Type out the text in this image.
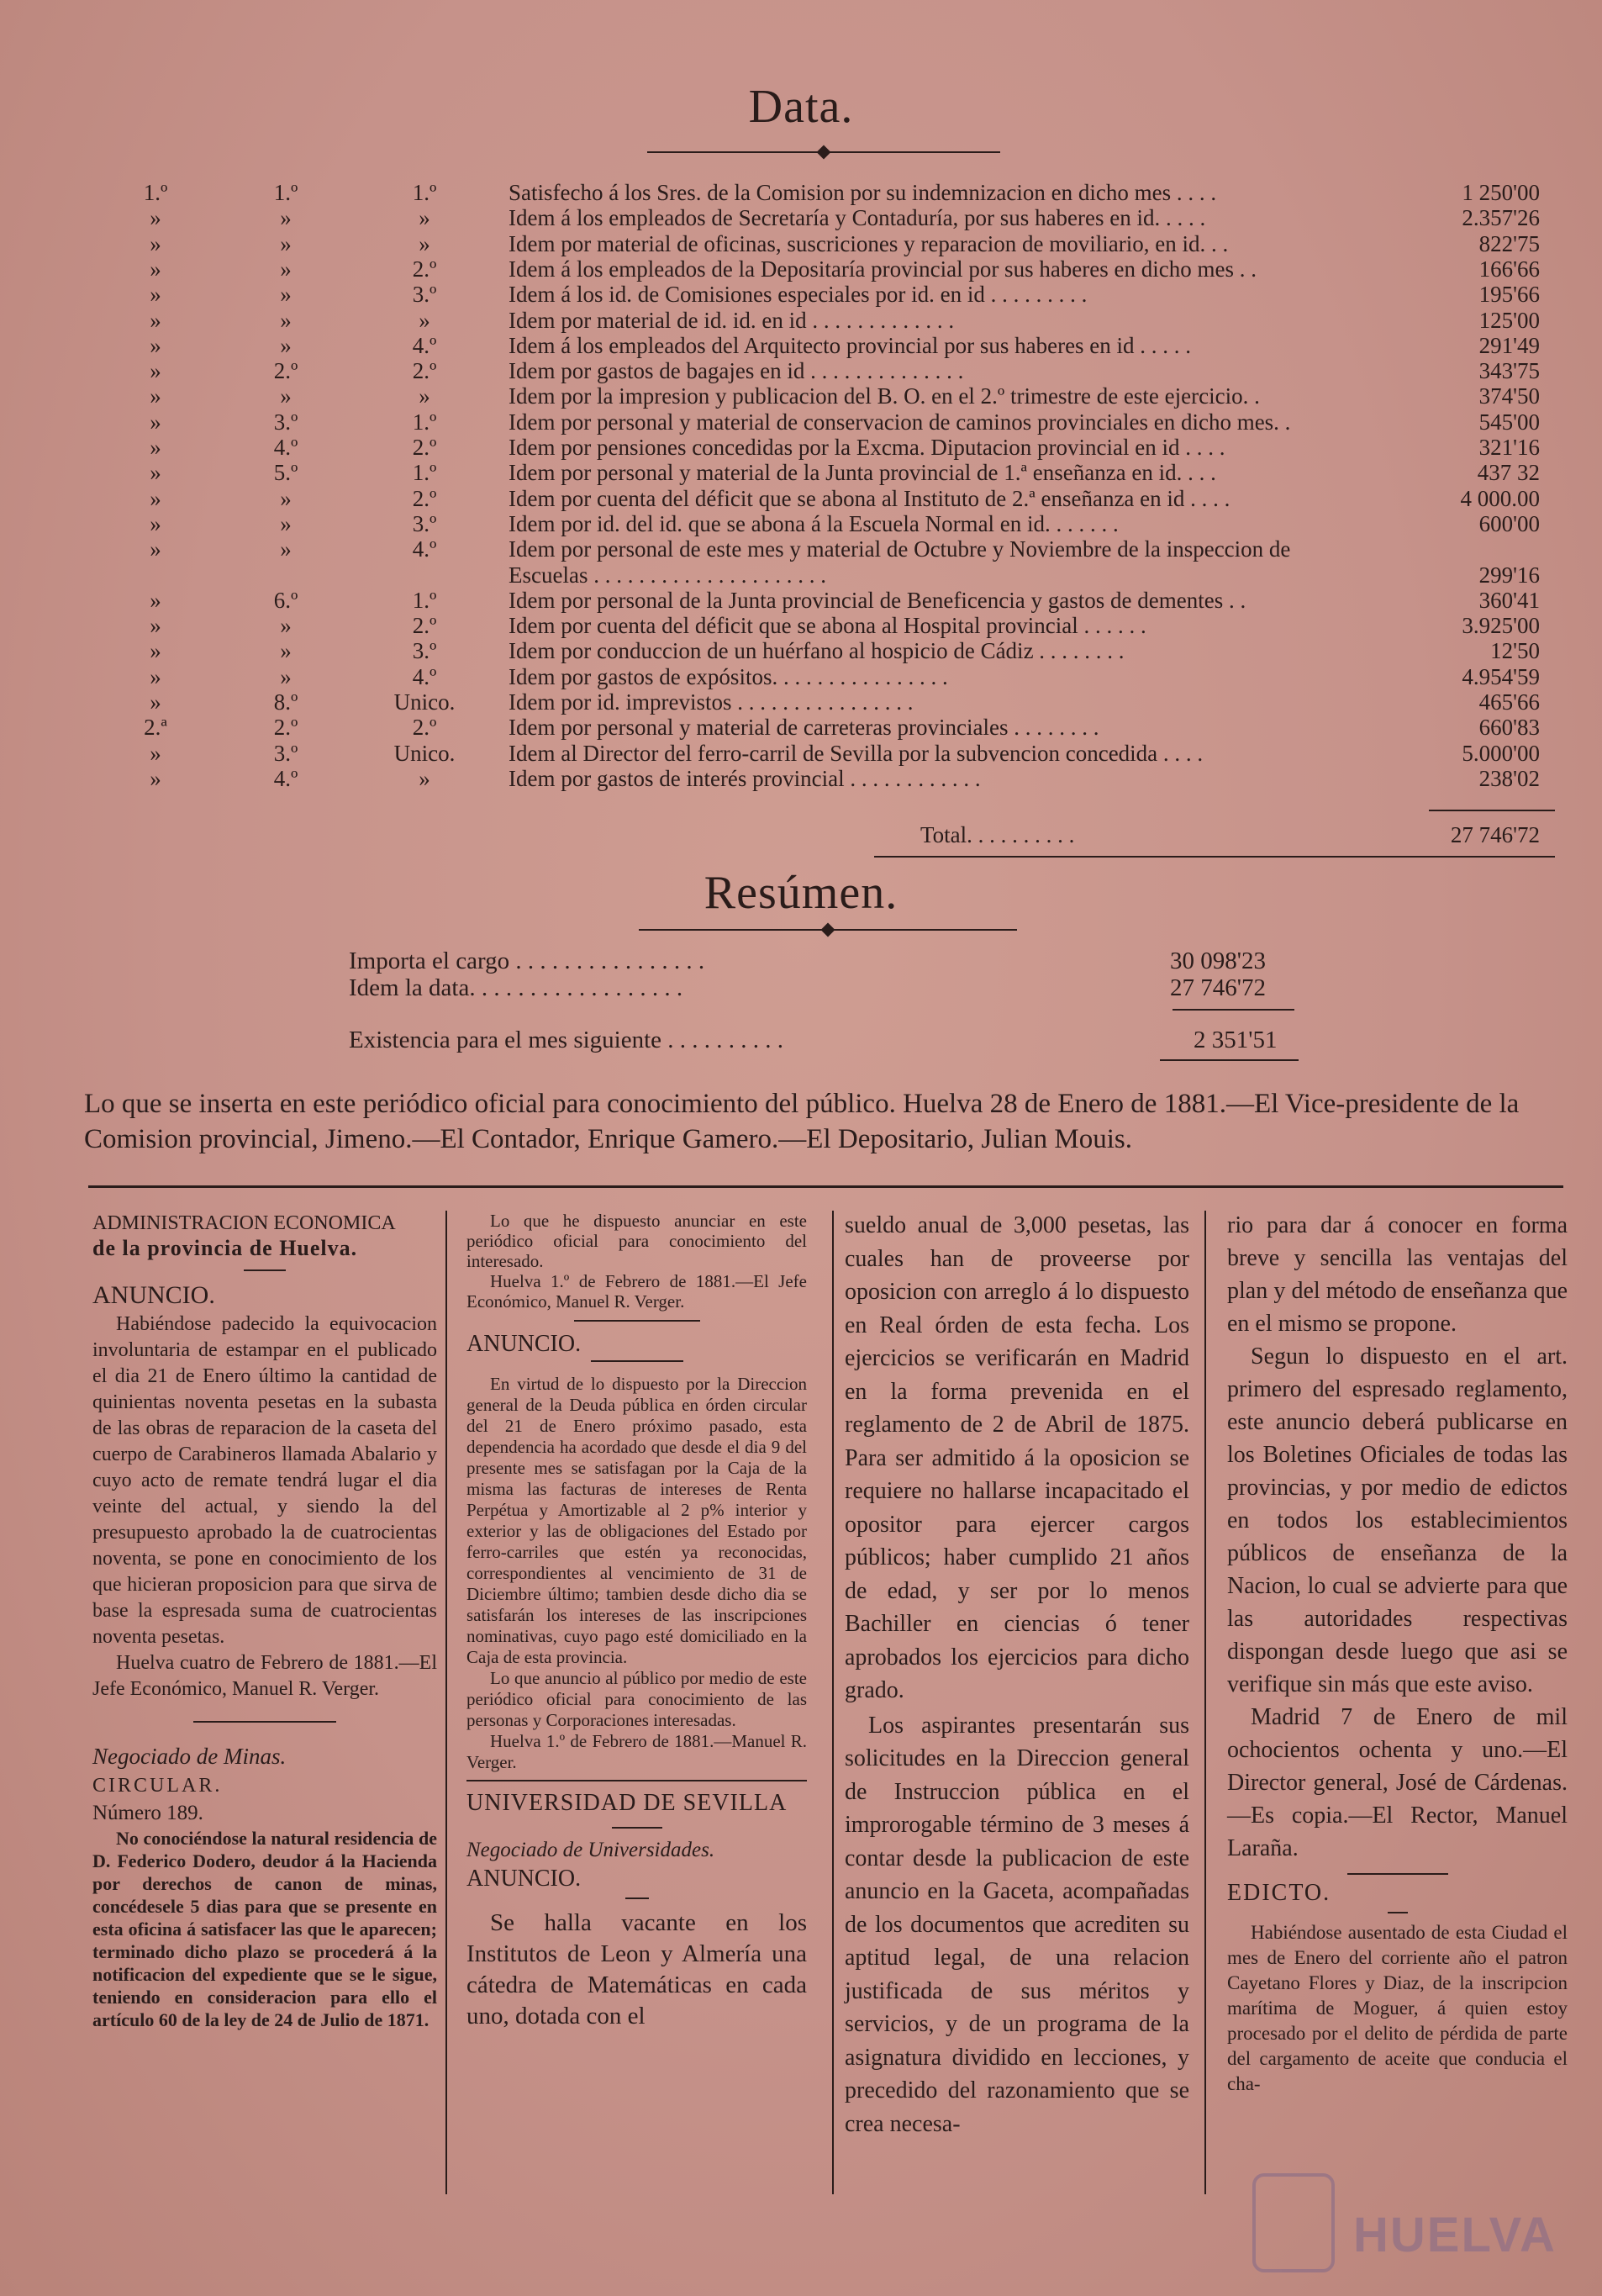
Data.
1.º	1.º	1.º	Satisfecho á los Sres. de la Comision por su indemnizacion en dicho mes . . . .	1 250'00
»	»	»	Idem á los empleados de Secretaría y Contaduría, por sus haberes en id. . . . .	2.357'26
»	»	»	Idem por material de oficinas, suscriciones y reparacion de moviliario, en id. . .	822'75
»	»	2.º	Idem á los empleados de la Depositaría provincial por sus haberes en dicho mes . .	166'66
»	»	3.º	Idem á los id. de Comisiones especiales por id. en id . . . . . . . . .	195'66
»	»	»	Idem por material de id. id. en id . . . . . . . . . . . . .	125'00
»	»	4.º	Idem á los empleados del Arquitecto provincial por sus haberes en id . . . . .	291'49
»	2.º	2.º	Idem por gastos de bagajes en id . . . . . . . . . . . . . .	343'75
»	»	»	Idem por la impresion y publicacion del B. O. en el 2.º trimestre de este ejercicio. .	374'50
»	3.º	1.º	Idem por personal y material de conservacion de caminos provinciales en dicho mes. .	545'00
»	4.º	2.º	Idem por pensiones concedidas por la Excma. Diputacion provincial en id . . . .	321'16
»	5.º	1.º	Idem por personal y material de la Junta provincial de 1.ª enseñanza en id. . . .	437 32
»	»	2.º	Idem por cuenta del déficit que se abona al Instituto de 2.ª enseñanza en id . . . .	4 000.00
»	»	3.º	Idem por id. del id. que se abona á la Escuela Normal en id. . . . . . .	600'00
»	»	4.º	Idem por personal de este mes y material de Octubre y Noviembre de la inspeccion de
Escuelas . . . . . . . . . . . . . . . . . . . . .	299'16
»	6.º	1.º	Idem por personal de la Junta provincial de Beneficencia y gastos de dementes . .	360'41
»	»	2.º	Idem por cuenta del déficit que se abona al Hospital provincial . . . . . .	3.925'00
»	»	3.º	Idem por conduccion de un huérfano al hospicio de Cádiz . . . . . . . .	12'50
»	»	4.º	Idem por gastos de expósitos. . . . . . . . . . . . . . . .	4.954'59
»	8.º	Unico.	Idem por id. imprevistos . . . . . . . . . . . . . . . .	465'66
2.ª	2.º	2.º	Idem por personal y material de carreteras provinciales . . . . . . . .	660'83
»	3.º	Unico.	Idem al Director del ferro-carril de Sevilla por la subvencion concedida . . . .	5.000'00
»	4.º	»	Idem por gastos de interés provincial . . . . . . . . . . . .	238'02
Total. . . . . . . . . .	27 746'72
Resúmen.
Importa el cargo . . . . . . . . . . . . . . . .	30 098'23
Idem la data. . . . . . . . . . . . . . . . . .	27 746'72
Existencia para el mes siguiente . . . . . . . . . .	2 351'51
Lo que se inserta en este periódico oficial para conocimiento del público. Huelva 28 de Enero de 1881.—El Vice-presidente de la Comision provincial, Jimeno.—El Contador, Enrique Gamero.—El Depositario, Julian Mouis.

ADMINISTRACION ECONOMICA

de la provincia de Huelva.

ANUNCIO.

Habiéndose padecido la equivocacion involuntaria de estampar en el publicado el dia 21 de Enero último la cantidad de quinientas noventa pesetas en la subasta de las obras de reparacion de la caseta del cuerpo de Carabineros llamada Abalario y cuyo acto de remate tendrá lugar el dia veinte del actual, y siendo la del presupuesto aprobado la de cuatrocientas noventa, se pone en conocimiento de los que hicieran proposicion para que sirva de base la espresada suma de cuatrocientas noventa pesetas.

Huelva cuatro de Febrero de 1881.—El Jefe Económico, Manuel R. Verger.

Negociado de Minas.

CIRCULAR.

Número 189.

No conociéndose la natural residencia de D. Federico Dodero, deudor á la Hacienda por derechos de canon de minas, concédesele 5 dias para que se presente en esta oficina á satisfacer las que le aparecen; terminado dicho plazo se procederá á la notificacion del expediente que se le sigue, teniendo en consideracion para ello el artículo 60 de la ley de 24 de Julio de 1871.

Lo que he dispuesto anunciar en este periódico oficial para conocimiento del interesado.

Huelva 1.º de Febrero de 1881.—El Jefe Económico, Manuel R. Verger.

ANUNCIO.

En virtud de lo dispuesto por la Direccion general de la Deuda pública en órden circular del 21 de Enero próximo pasado, esta dependencia ha acordado que desde el dia 9 del presente mes se satisfagan por la Caja de la misma las facturas de intereses de Renta Perpétua y Amortizable al 2 p% interior y exterior y las de obligaciones del Estado por ferro-carriles que estén ya reconocidas, correspondientes al vencimiento de 31 de Diciembre último; tambien desde dicho dia se satisfarán los intereses de las inscripciones nominativas, cuyo pago esté domiciliado en la Caja de esta provincia.

Lo que anuncio al público por medio de este periódico oficial para conocimiento de las personas y Corporaciones interesadas.

Huelva 1.º de Febrero de 1881.—Manuel R. Verger.

UNIVERSIDAD DE SEVILLA

Negociado de Universidades.

ANUNCIO.

Se halla vacante en los Institutos de Leon y Almería una cátedra de Matemáticas en cada uno, dotada con el

sueldo anual de 3,000 pesetas, las cuales han de proveerse por oposicion con arreglo á lo dispuesto en Real órden de esta fecha. Los ejercicios se verificarán en Madrid en la forma prevenida en el reglamento de 2 de Abril de 1875. Para ser admitido á la oposicion se requiere no hallarse incapacitado el opositor para ejercer cargos públicos; haber cumplido 21 años de edad, y ser por lo menos Bachiller en ciencias ó tener aprobados los ejercicios para dicho grado.

Los aspirantes presentarán sus solicitudes en la Direccion general de Instruccion pública en el improrogable término de 3 meses á contar desde la publicacion de este anuncio en la Gaceta, acompañadas de los documentos que acrediten su aptitud legal, de una relacion justificada de sus méritos y servicios, y de un programa de la asignatura dividido en lecciones, y precedido del razonamiento que se crea necesa-

rio para dar á conocer en forma breve y sencilla las ventajas del plan y del método de enseñanza que en el mismo se propone.

Segun lo dispuesto en el art. primero del espresado reglamento, este anuncio deberá publicarse en los Boletines Oficiales de todas las provincias, y por medio de edictos en todos los establecimientos públicos de enseñanza de la Nacion, lo cual se advierte para que las autoridades respectivas dispongan desde luego que asi se verifique sin más que este aviso.

Madrid 7 de Enero de mil ochocientos ochenta y uno.—El Director general, José de Cárdenas.—Es copia.—El Rector, Manuel Laraña.

EDICTO.

Habiéndose ausentado de esta Ciudad el mes de Enero del corriente año el patron Cayetano Flores y Diaz, de la inscripcion marítima de Moguer, á quien estoy procesado por el delito de pérdida de parte del cargamento de aceite que conducia el cha-

HUELVA
